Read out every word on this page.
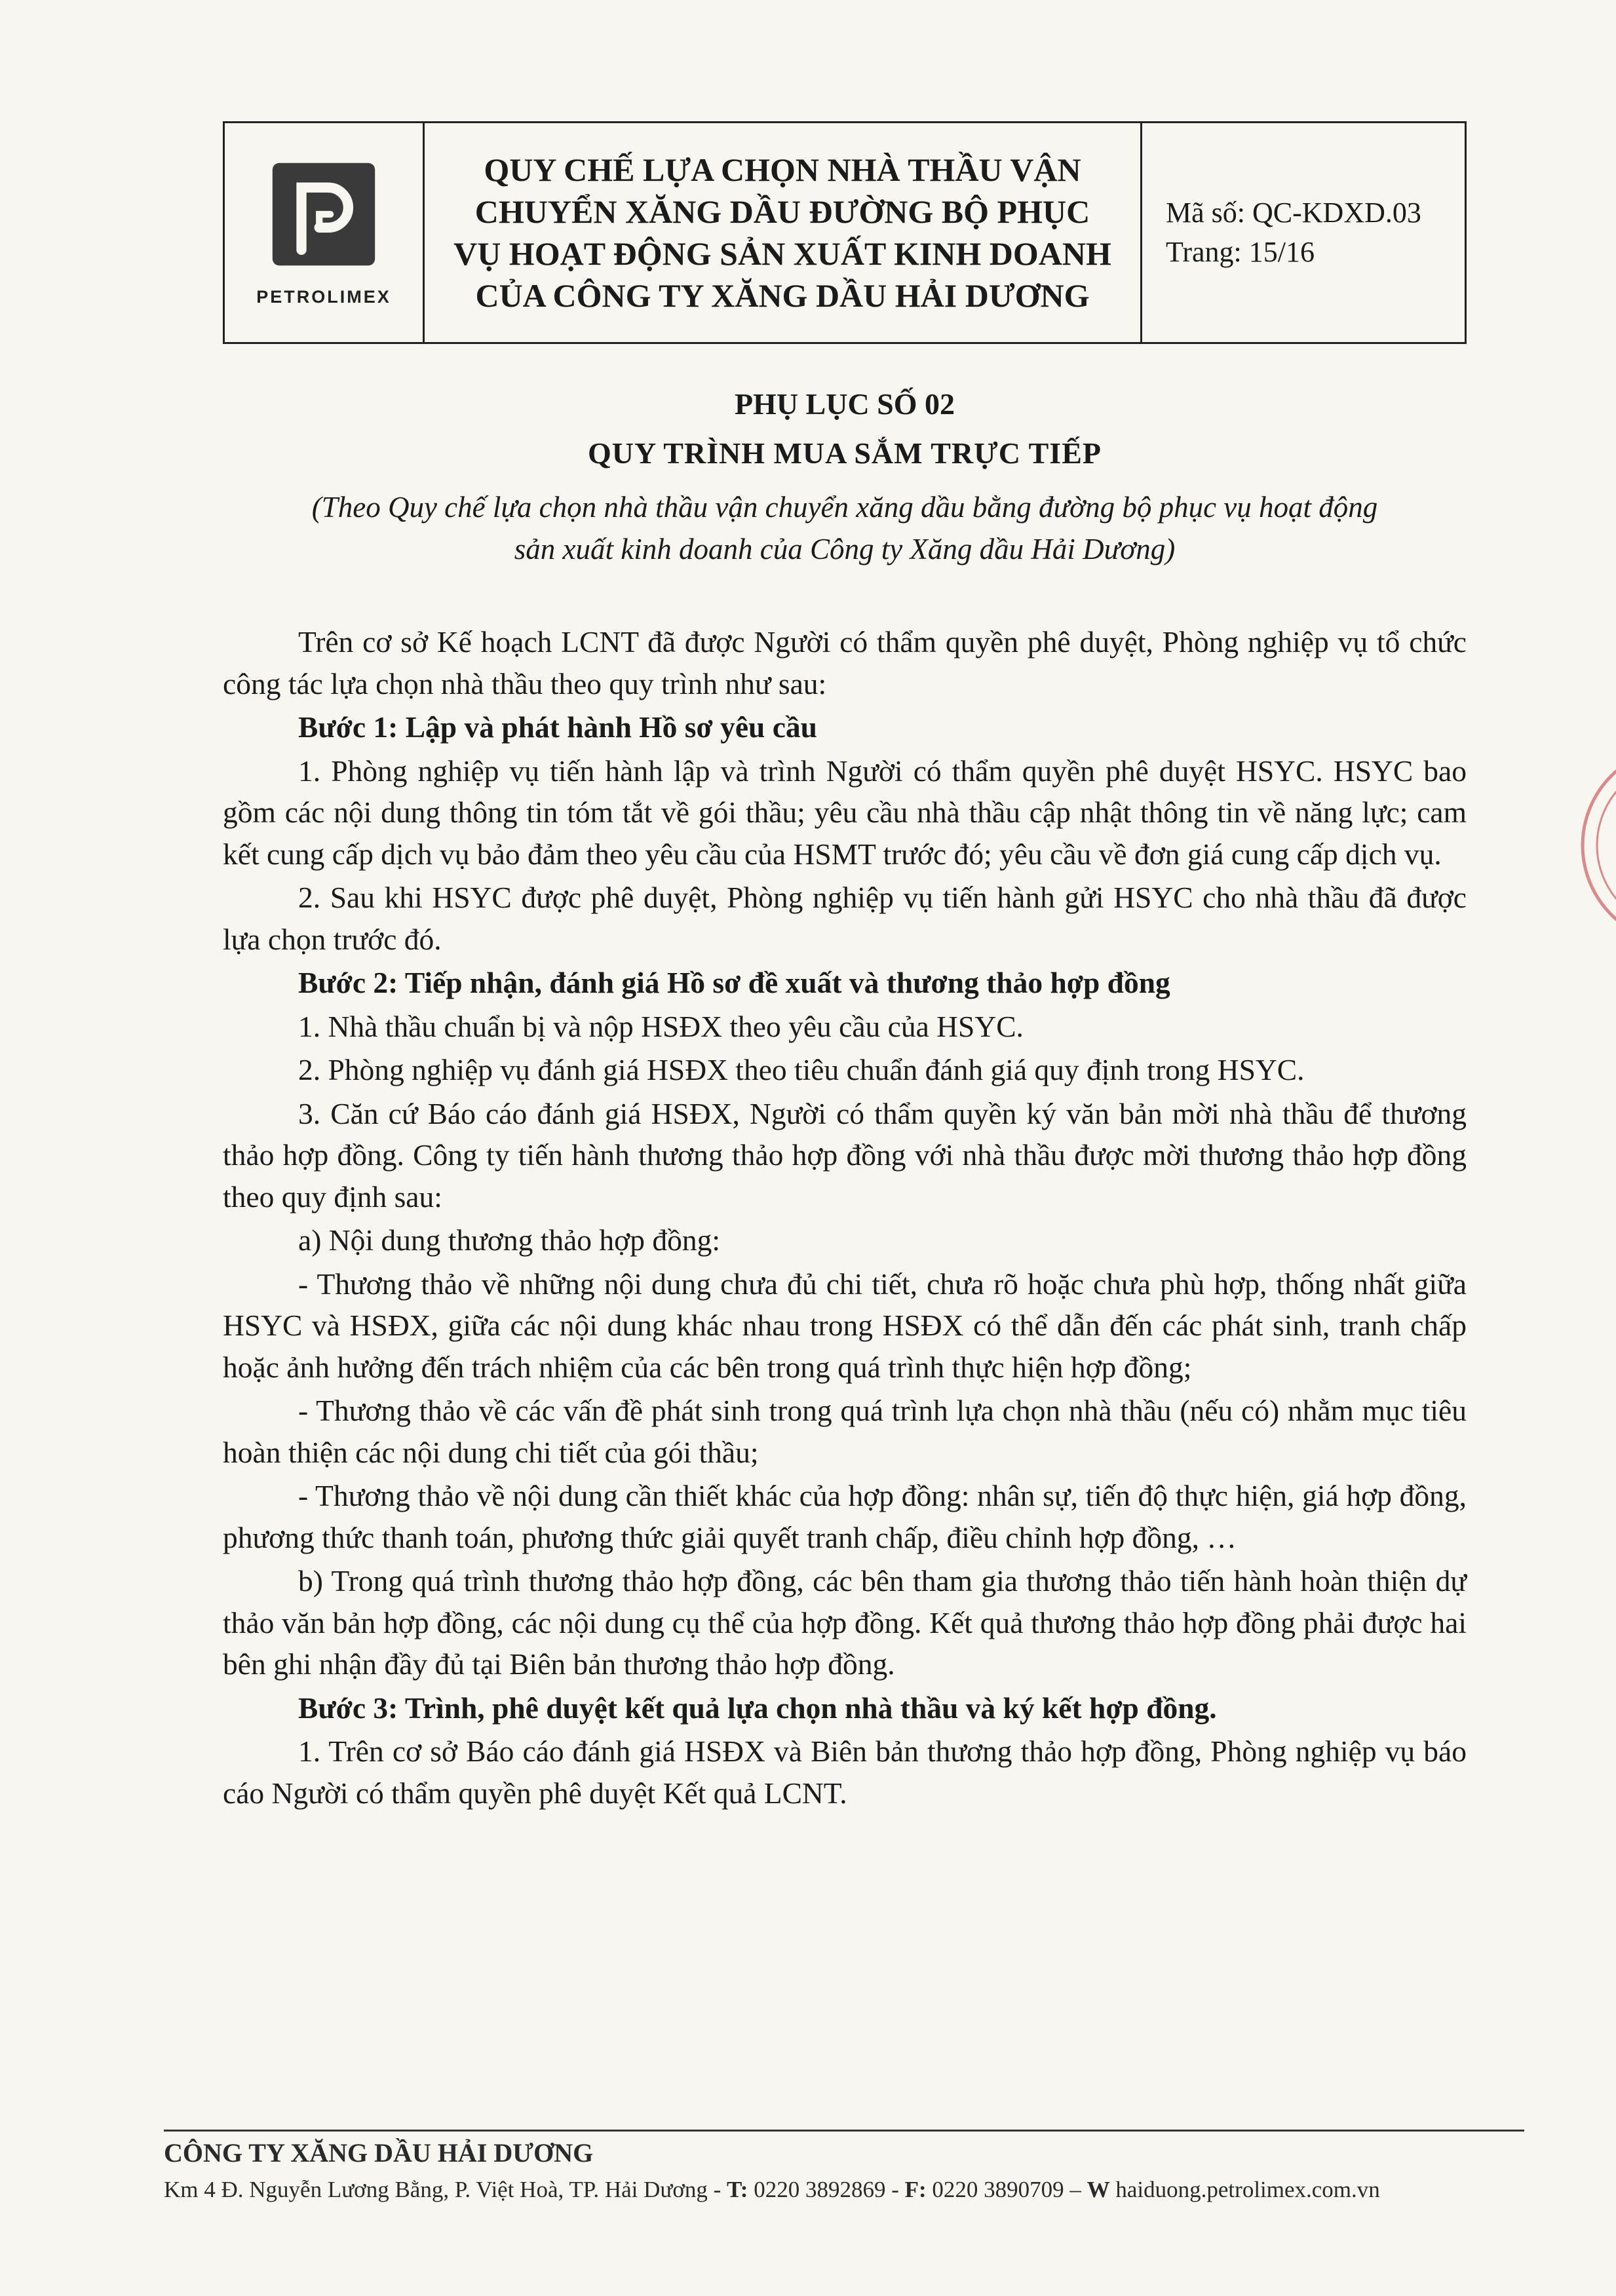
PETROLIMEX
QUY CHẾ LỰA CHỌN NHÀ THẦU VẬN CHUYỂN XĂNG DẦU ĐƯỜNG BỘ PHỤC VỤ HOẠT ĐỘNG SẢN XUẤT KINH DOANH CỦA CÔNG TY XĂNG DẦU HẢI DƯƠNG
Mã số: QC-KDXD.03
Trang: 15/16
PHỤ LỤC SỐ 02
QUY TRÌNH MUA SẮM TRỰC TIẾP
(Theo Quy chế lựa chọn nhà thầu vận chuyển xăng dầu bằng đường bộ phục vụ hoạt động sản xuất kinh doanh của Công ty Xăng dầu Hải Dương)

Trên cơ sở Kế hoạch LCNT đã được Người có thẩm quyền phê duyệt, Phòng nghiệp vụ tổ chức công tác lựa chọn nhà thầu theo quy trình như sau:

Bước 1: Lập và phát hành Hồ sơ yêu cầu

1. Phòng nghiệp vụ tiến hành lập và trình Người có thẩm quyền phê duyệt HSYC. HSYC bao gồm các nội dung thông tin tóm tắt về gói thầu; yêu cầu nhà thầu cập nhật thông tin về năng lực; cam kết cung cấp dịch vụ bảo đảm theo yêu cầu của HSMT trước đó; yêu cầu về đơn giá cung cấp dịch vụ.

2. Sau khi HSYC được phê duyệt, Phòng nghiệp vụ tiến hành gửi HSYC cho nhà thầu đã được lựa chọn trước đó.

Bước 2: Tiếp nhận, đánh giá Hồ sơ đề xuất và thương thảo hợp đồng

1. Nhà thầu chuẩn bị và nộp HSĐX theo yêu cầu của HSYC.

2. Phòng nghiệp vụ đánh giá HSĐX theo tiêu chuẩn đánh giá quy định trong HSYC.

3. Căn cứ Báo cáo đánh giá HSĐX, Người có thẩm quyền ký văn bản mời nhà thầu để thương thảo hợp đồng. Công ty tiến hành thương thảo hợp đồng với nhà thầu được mời thương thảo hợp đồng theo quy định sau:

a) Nội dung thương thảo hợp đồng:

- Thương thảo về những nội dung chưa đủ chi tiết, chưa rõ hoặc chưa phù hợp, thống nhất giữa HSYC và HSĐX, giữa các nội dung khác nhau trong HSĐX có thể dẫn đến các phát sinh, tranh chấp hoặc ảnh hưởng đến trách nhiệm của các bên trong quá trình thực hiện hợp đồng;

- Thương thảo về các vấn đề phát sinh trong quá trình lựa chọn nhà thầu (nếu có) nhằm mục tiêu hoàn thiện các nội dung chi tiết của gói thầu;

- Thương thảo về nội dung cần thiết khác của hợp đồng: nhân sự, tiến độ thực hiện, giá hợp đồng, phương thức thanh toán, phương thức giải quyết tranh chấp, điều chỉnh hợp đồng, …

b) Trong quá trình thương thảo hợp đồng, các bên tham gia thương thảo tiến hành hoàn thiện dự thảo văn bản hợp đồng, các nội dung cụ thể của hợp đồng. Kết quả thương thảo hợp đồng phải được hai bên ghi nhận đầy đủ tại Biên bản thương thảo hợp đồng.

Bước 3: Trình, phê duyệt kết quả lựa chọn nhà thầu và ký kết hợp đồng.

1. Trên cơ sở Báo cáo đánh giá HSĐX và Biên bản thương thảo hợp đồng, Phòng nghiệp vụ báo cáo Người có thẩm quyền phê duyệt Kết quả LCNT.

CÔNG TY XĂNG DẦU HẢI DƯƠNG
Km 4 Đ. Nguyễn Lương Bằng, P. Việt Hoà, TP. Hải Dương - T: 0220 3892869 - F: 0220 3890709 – W haiduong.petrolimex.com.vn
